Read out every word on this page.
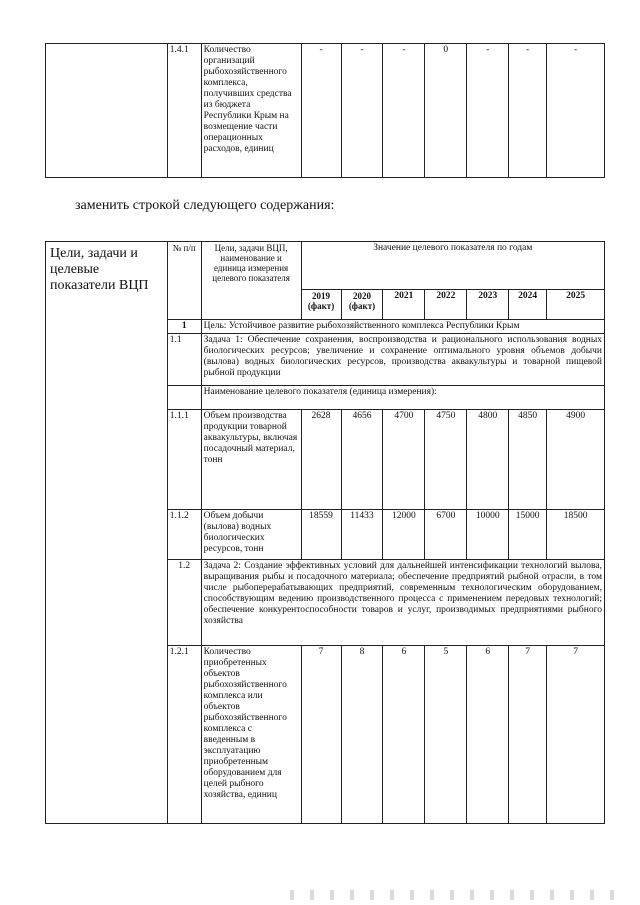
	1.4.1	Количество организаций рыбохозяйственного комплекса, получивших средства из бюджета Республики Крым на возмещение части операционных расходов, единиц	-	-	-	0	-	-	-
заменить строкой следующего содержания:
Цели, задачи и целевые показатели ВЦП	№ п/п	Цели, задачи ВЦП, наименование и единица измерения целевого показателя	Значение целевого показателя по годам						
			2019 (факт)	2020 (факт)	2021	2022	2023	2024	2025
	1	Цель: Устойчивое развитие рыбохозяйственного комплекса Республики Крым							
	1.1	Задача 1: Обеспечение сохранения, воспроизводства и рационального использования водных биологических ресурсов; увеличение и сохранение оптимального уровня объемов добычи (вылова) водных биологических ресурсов, производства аквакультуры и товарной пищевой рыбной продукции							
		Наименование целевого показателя (единица измерения):							
	1.1.1	Объем производства продукции товарной аквакультуры, включая посадочный материал, тонн	2628	4656	4700	4750	4800	4850	4900
	1.1.2	Объем добычи (вылова) водных биологических ресурсов, тонн	18559	11433	12000	6700	10000	15000	18500
	1.2	Задача 2: Создание эффективных условий для дальнейшей интенсификации технологий вылова, выращивания рыбы и посадочного материала; обеспечение предприятий рыбной отрасли, в том числе рыбоперерабатывающих предприятий, современным технологическим оборудованием, способствующим ведению производственного процесса с применением передовых технологий; обеспечение конкурентоспособности товаров и услуг, производимых предприятиями рыбного хозяйства							
	1.2.1	Количество приобретенных объектов рыбохозяйственного комплекса или объектов рыбохозяйственного комплекса с введенным в эксплуатацию приобретенным оборудованием для целей рыбного хозяйства, единиц	7	8	6	5	6	7	7
